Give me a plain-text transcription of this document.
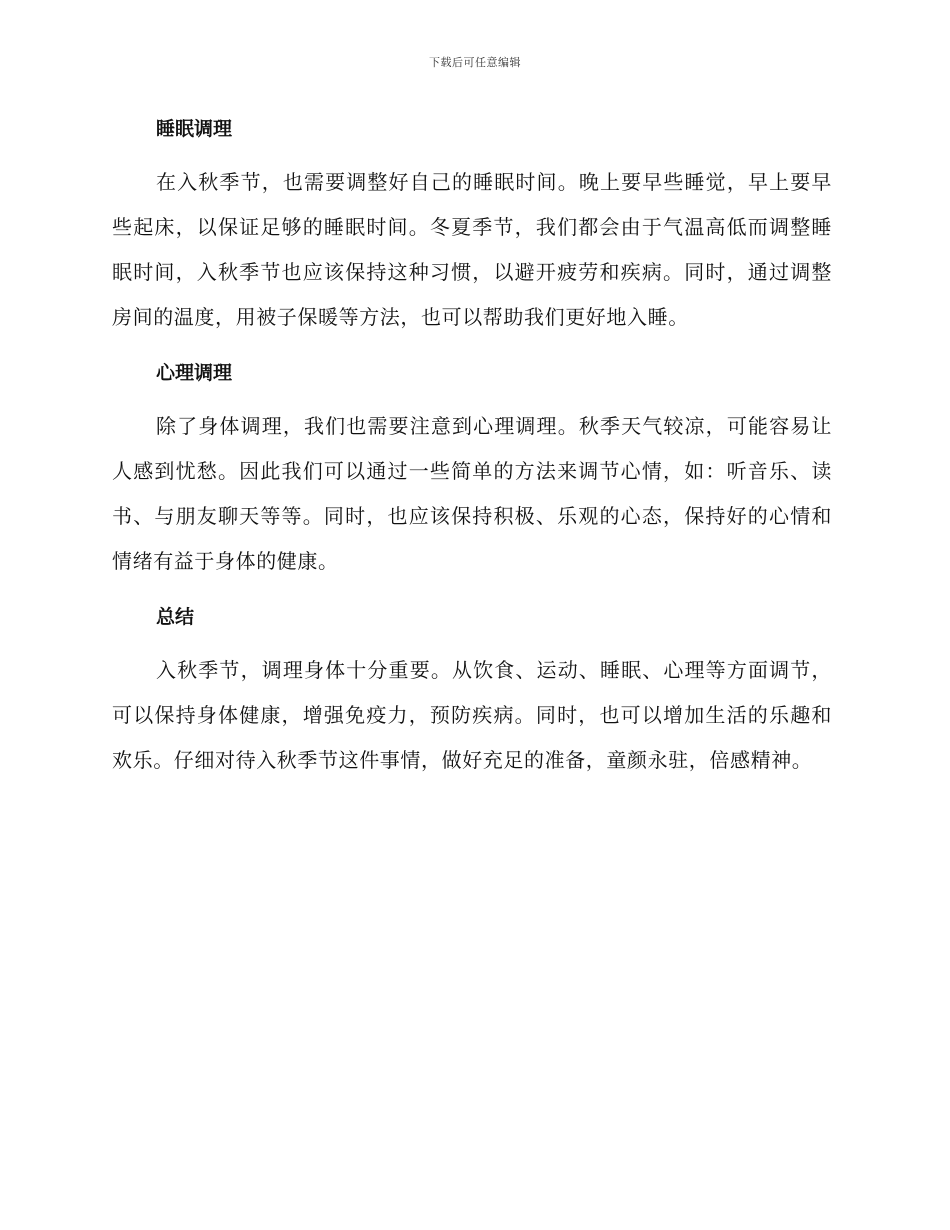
下载后可任意编辑
睡眠调理

在入秋季节，也需要调整好自己的睡眠时间。晚上要早些睡觉，早上要早些起床，以保证足够的睡眠时间。冬夏季节，我们都会由于气温高低而调整睡眠时间，入秋季节也应该保持这种习惯，以避开疲劳和疾病。同时，通过调整房间的温度，用被子保暖等方法，也可以帮助我们更好地入睡。

心理调理

除了身体调理，我们也需要注意到心理调理。秋季天气较凉，可能容易让人感到忧愁。因此我们可以通过一些简单的方法来调节心情，如：听音乐、读书、与朋友聊天等等。同时，也应该保持积极、乐观的心态，保持好的心情和情绪有益于身体的健康。

总结

入秋季节，调理身体十分重要。从饮食、运动、睡眠、心理等方面调节，可以保持身体健康，增强免疫力，预防疾病。同时，也可以增加生活的乐趣和欢乐。仔细对待入秋季节这件事情，做好充足的准备，童颜永驻，倍感精神。
